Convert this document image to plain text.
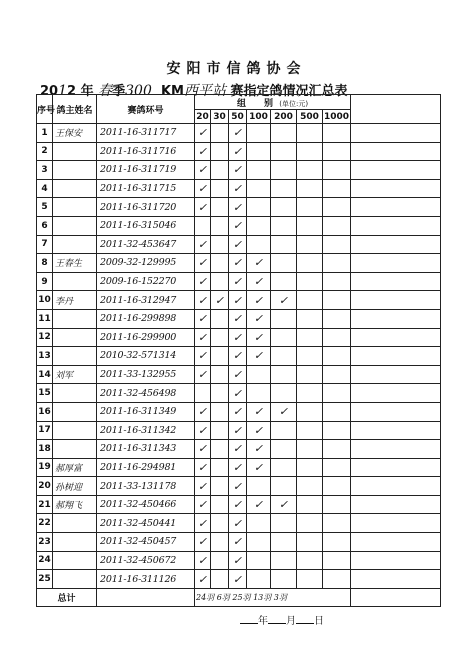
安阳市信鸽协会
2012 年 春季300 KM西平站 赛指定鸽情况汇总表
序号	鸽主姓名	赛鸽环号	组　　别 (单位:元)							
			20	30	50	100	200	500	1000	
1	王保安	2011-16-311717	✓		✓					
2		2011-16-311716	✓		✓					
3		2011-16-311719	✓		✓					
4		2011-16-311715	✓		✓					
5		2011-16-311720	✓		✓					
6		2011-16-315046			✓					
7		2011-32-453647	✓		✓					
8	王春生	2009-32-129995	✓		✓	✓				
9		2009-16-152270	✓		✓	✓				
10	李丹	2011-16-312947	✓	✓	✓	✓	✓			
11		2011-16-299898	✓		✓	✓				
12		2011-16-299900	✓		✓	✓				
13		2010-32-571314	✓		✓	✓				
14	刘军	2011-33-132955	✓		✓					
15		2011-32-456498			✓					
16		2011-16-311349	✓		✓	✓	✓			
17		2011-16-311342	✓		✓	✓				
18		2011-16-311343	✓		✓	✓				
19	郝厚富	2011-16-294981	✓		✓	✓				
20	孙树迎	2011-33-131178	✓		✓					
21	郝翔飞	2011-32-450466	✓		✓	✓	✓			
22		2011-32-450441	✓		✓					
23		2011-32-450457	✓		✓					
24		2011-32-450672	✓		✓					
25		2011-16-311126	✓		✓					
总计			24羽 6羽 25羽 13羽 3羽							
年 月 日
